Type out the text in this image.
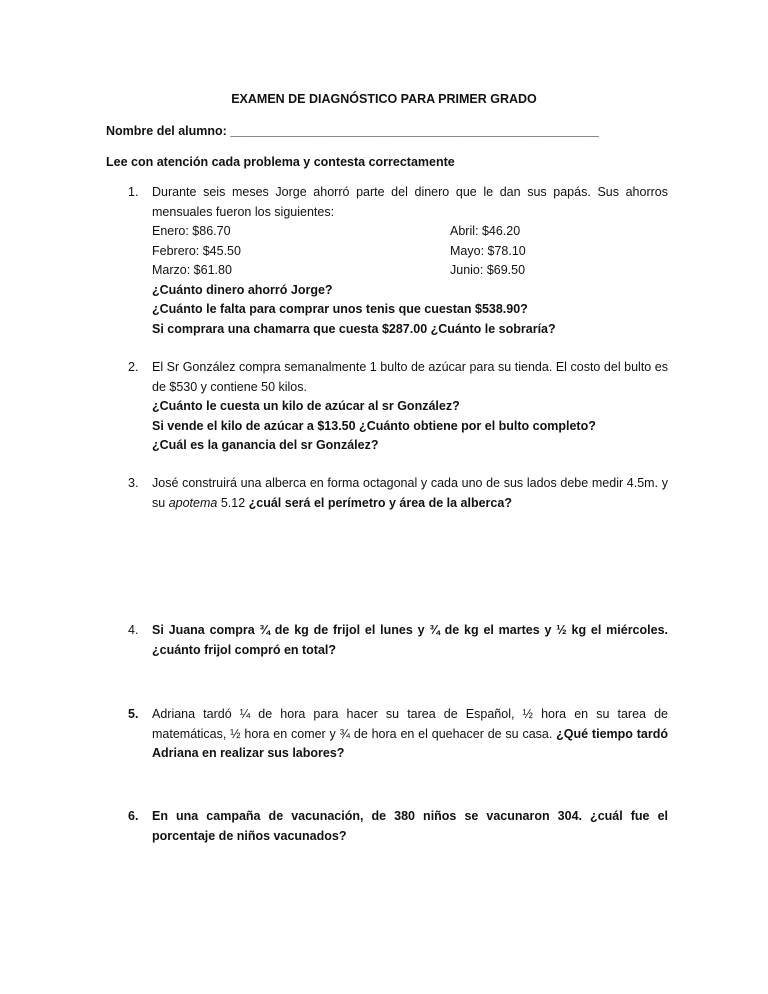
EXAMEN DE DIAGNÓSTICO PARA PRIMER GRADO
Nombre del alumno: _____________________________________________________
Lee con atención cada problema y contesta correctamente
1.	Durante seis meses Jorge ahorró parte del dinero que le dan sus papás. Sus ahorros mensuales fueron los siguientes:
Enero: $86.70	Abril: $46.20
Febrero: $45.50	Mayo: $78.10
Marzo: $61.80	Junio: $69.50
¿Cuánto dinero ahorró Jorge?
¿Cuánto le falta para comprar unos tenis que cuestan $538.90?
Si comprara una chamarra que cuesta $287.00 ¿Cuánto le sobraría?
2.	El Sr González compra semanalmente 1 bulto de azúcar para su tienda. El costo del bulto es de $530 y contiene 50 kilos.
¿Cuánto le cuesta un kilo de azúcar al sr González?
Si vende el kilo de azúcar a $13.50 ¿Cuánto obtiene por el bulto completo?
¿Cuál es la ganancia del sr González?
3.	José construirá una alberca en forma octagonal y cada uno de sus lados debe medir 4.5m. y su apotema 5.12 ¿cuál será el perímetro y área de la alberca?
4.	Si Juana compra ¾ de kg de frijol el lunes y ¾ de kg el martes y ½ kg el miércoles. ¿cuánto frijol compró en total?
5.	Adriana tardó ¼ de hora para hacer su tarea de Español, ½ hora en su tarea de matemáticas, ½ hora en comer y ¾ de hora en el quehacer de su casa. ¿Qué tiempo tardó Adriana en realizar sus labores?
6.	En una campaña de vacunación, de 380 niños se vacunaron 304. ¿cuál fue el porcentaje de niños vacunados?
